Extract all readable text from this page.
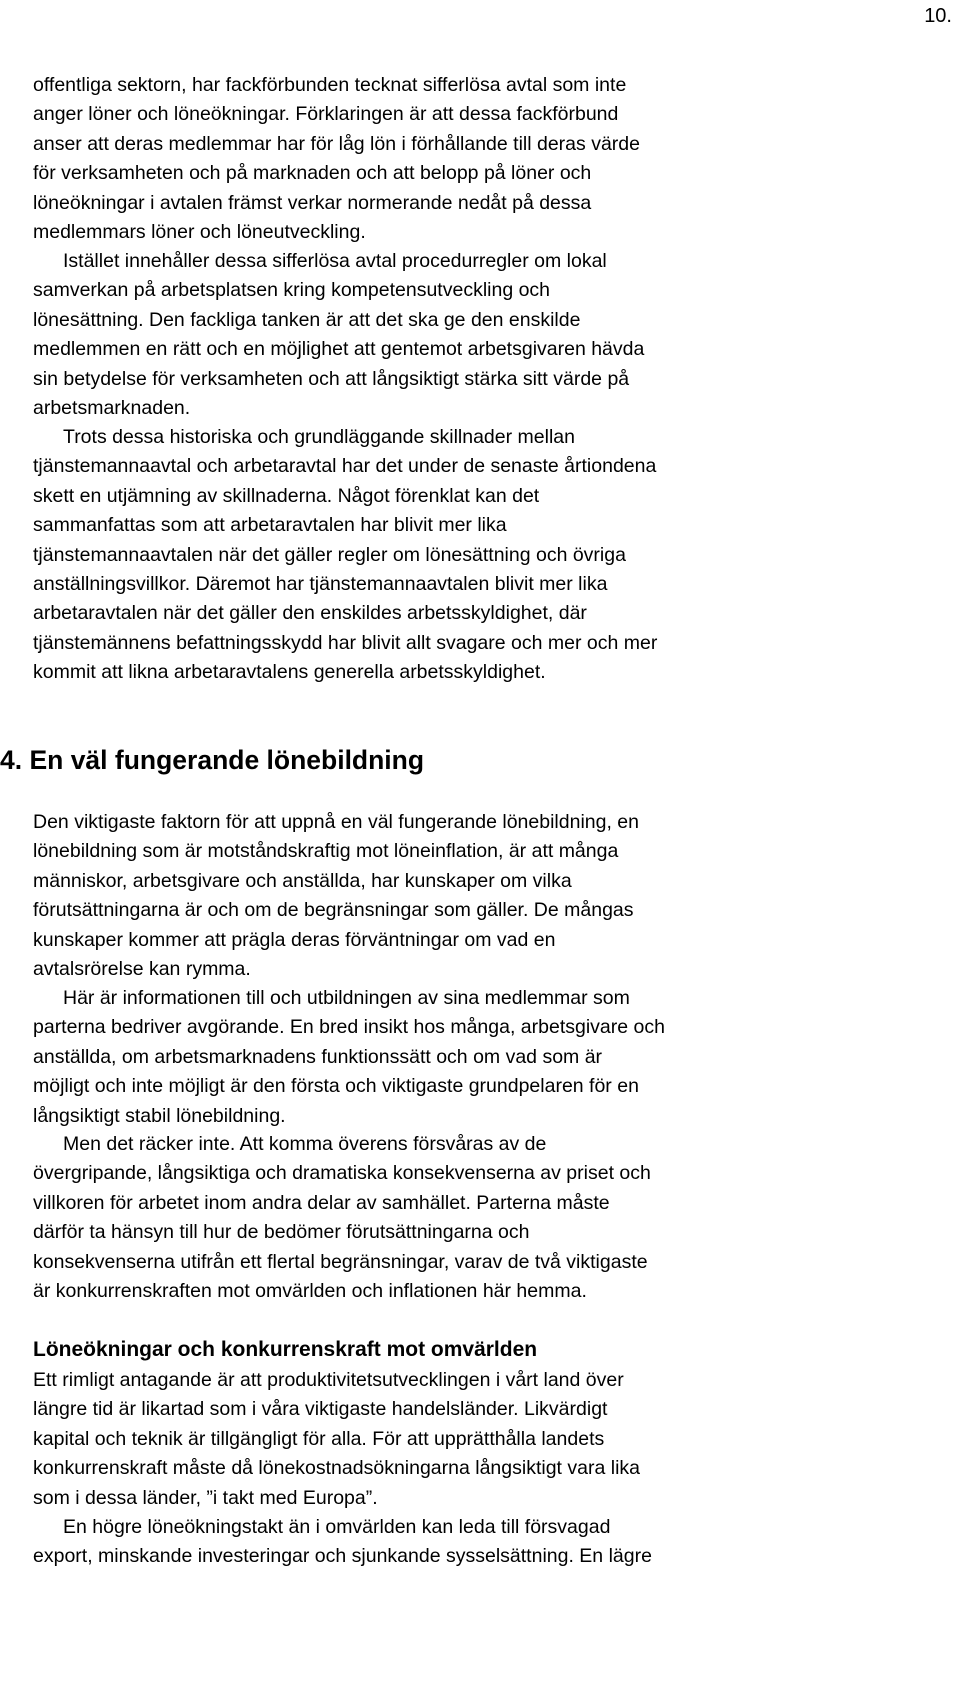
10.
offentliga sektorn, har fackförbunden tecknat sifferlösa avtal som inte
anger löner och löneökningar. Förklaringen är att dessa fackförbund
anser att deras medlemmar har för låg lön i förhållande till deras värde
för verksamheten och på marknaden och att belopp på löner och
löneökningar i avtalen främst verkar normerande nedåt på dessa
medlemmars löner och löneutveckling.
Istället innehåller dessa sifferlösa avtal procedurregler om lokal
samverkan på arbetsplatsen kring kompetensutveckling och
lönesättning. Den fackliga tanken är att det ska ge den enskilde
medlemmen en rätt och en möjlighet att gentemot arbetsgivaren hävda
sin betydelse för verksamheten och att långsiktigt stärka sitt värde på
arbetsmarknaden.
Trots dessa historiska och grundläggande skillnader mellan
tjänstemannaavtal och arbetaravtal har det under de senaste årtiondena
skett en utjämning av skillnaderna. Något förenklat kan det
sammanfattas som att arbetaravtalen har blivit mer lika
tjänstemannaavtalen när det gäller regler om lönesättning och övriga
anställningsvillkor. Däremot har tjänstemannaavtalen blivit mer lika
arbetaravtalen när det gäller den enskildes arbetsskyldighet, där
tjänstemännens befattningsskydd har blivit allt svagare och mer och mer
kommit att likna arbetaravtalens generella arbetsskyldighet.
4. En väl fungerande lönebildning
Den viktigaste faktorn för att uppnå en väl fungerande lönebildning, en
lönebildning som är motståndskraftig mot löneinflation, är att många
människor, arbetsgivare och anställda, har kunskaper om vilka
förutsättningarna är och om de begränsningar som gäller. De mångas
kunskaper kommer att prägla deras förväntningar om vad en
avtalsrörelse kan rymma.
Här är informationen till och utbildningen av sina medlemmar som
parterna bedriver avgörande. En bred insikt hos många, arbetsgivare och
anställda, om arbetsmarknadens funktionssätt och om vad som är
möjligt och inte möjligt är den första och viktigaste grundpelaren för en
långsiktigt stabil lönebildning.
Men det räcker inte. Att komma överens försvåras av de
övergripande, långsiktiga och dramatiska konsekvenserna av priset och
villkoren för arbetet inom andra delar av samhället. Parterna måste
därför ta hänsyn till hur de bedömer förutsättningarna och
konsekvenserna utifrån ett flertal begränsningar, varav de två viktigaste
är konkurrenskraften mot omvärlden och inflationen här hemma.
Löneökningar och konkurrenskraft mot omvärlden
Ett rimligt antagande är att produktivitetsutvecklingen i vårt land över
längre tid är likartad som i våra viktigaste handelsländer. Likvärdigt
kapital och teknik är tillgängligt för alla. För att upprätthålla landets
konkurrenskraft måste då lönekostnadsökningarna långsiktigt vara lika
som i dessa länder, ”i takt med Europa”.
En högre löneökningstakt än i omvärlden kan leda till försvagad
export, minskande investeringar och sjunkande sysselsättning. En lägre
